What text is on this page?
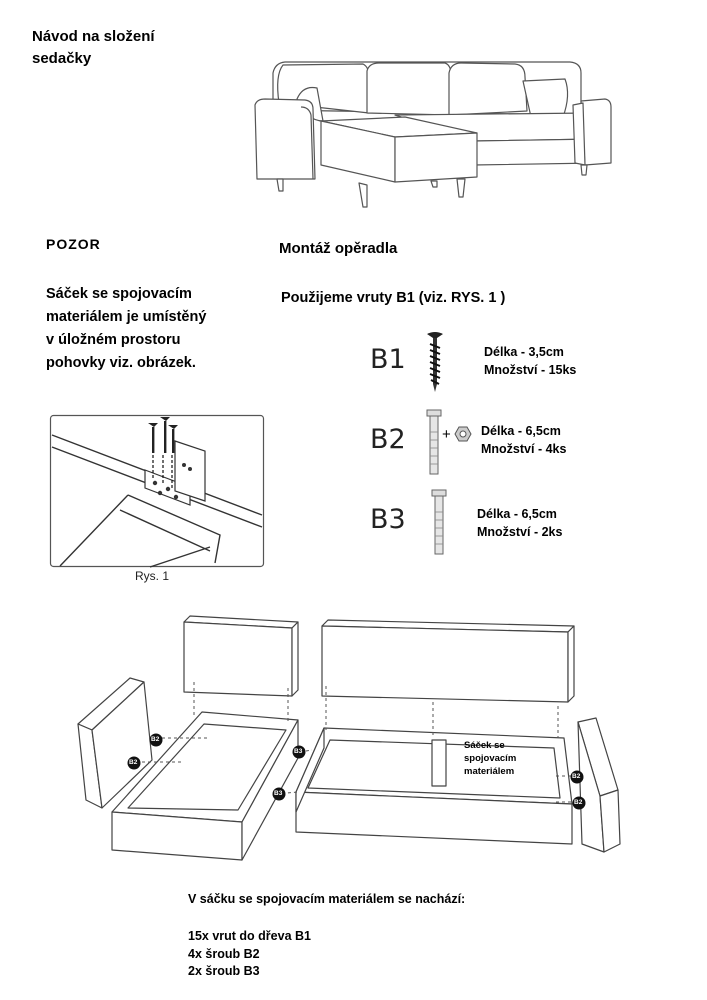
Návod na složení
sedačky
POZOR
Sáček se spojovacím
materiálem je umístěný
v úložném prostoru
pohovky viz. obrázek.
Montáž opěradla
Použijeme vruty B1 (viz. RYS. 1 )
B1	Délka - 3,5cm
Množství - 15ks
B2 + Délka - 6,5cm
Množství - 4ks
B3	Délka - 6,5cm
Množství - 2ks
Rys. 1
B2
B2
B3
B3
B2
B2
Sáček se
spojovacím
materiálem
V sáčku se spojovacím materiálem se nachází:
15x vrut do dřeva B1
4x šroub B2
2x šroub B3
